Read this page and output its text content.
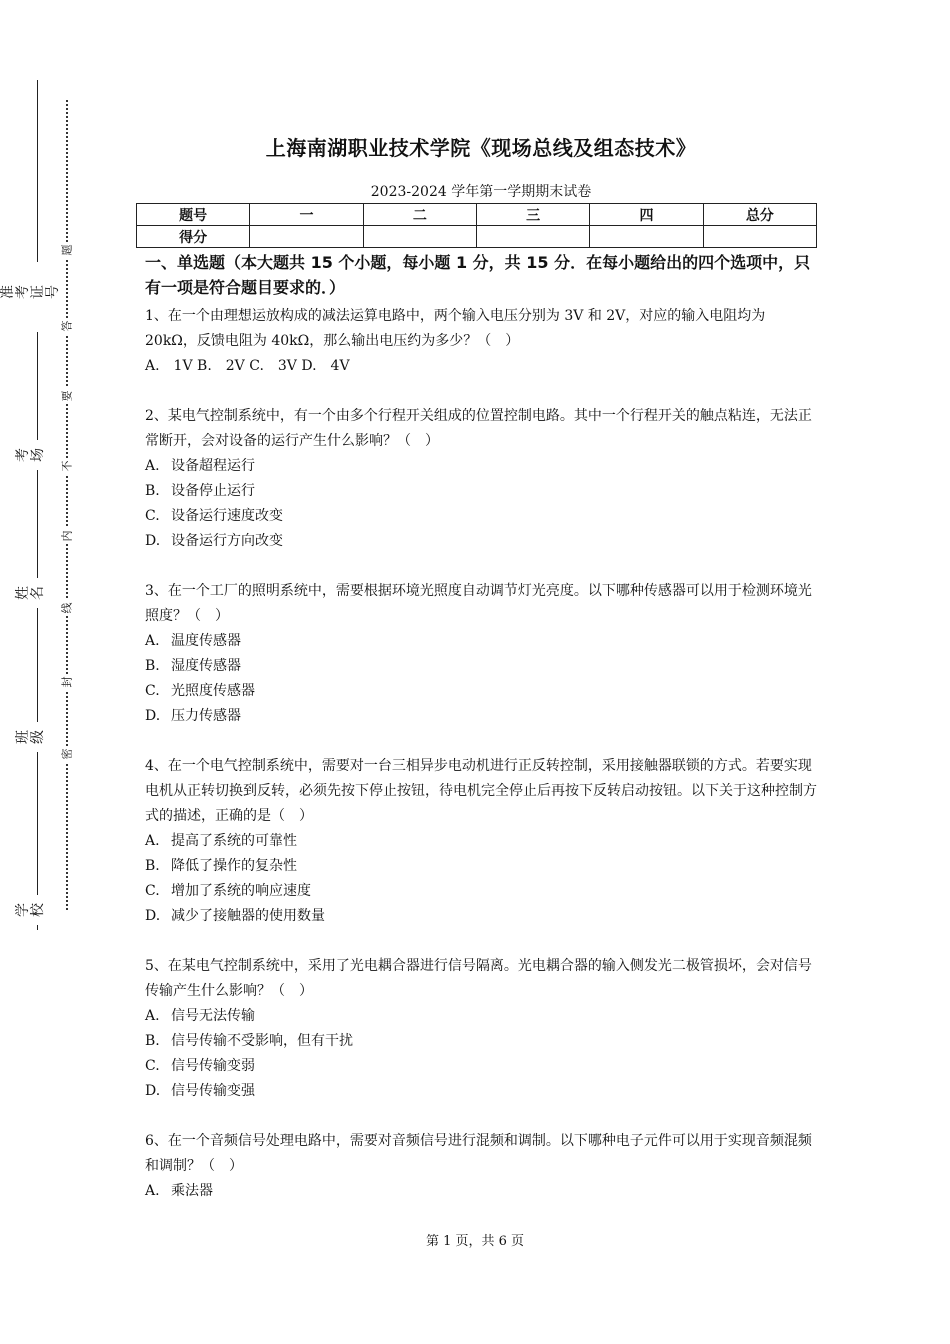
准考证号
考场
姓名
班级
学校
题
答
要
不
内
线
封
密
上海南湖职业技术学院《现场总线及组态技术》
2023-2024 学年第一学期期末试卷
题号	一	二	三	四	总分
得分					
一、单选题（本大题共 15 个小题，每小题 1 分，共 15 分．在每小题给出的四个选项中，只有一项是符合题目要求的．）

1、在一个由理想运放构成的减法运算电路中，两个输入电压分别为 3V 和 2V，对应的输入电阻均为 20kΩ，反馈电阻为 40kΩ，那么输出电压约为多少？（　）

A.　1V B.　2V C.　3V D.　4V

2、某电气控制系统中，有一个由多个行程开关组成的位置控制电路。其中一个行程开关的触点粘连，无法正常断开，会对设备的运行产生什么影响？（　）

A. 设备超程运行
B. 设备停止运行
C. 设备运行速度改变
D. 设备运行方向改变

3、在一个工厂的照明系统中，需要根据环境光照度自动调节灯光亮度。以下哪种传感器可以用于检测环境光照度？（　）

A. 温度传感器
B. 湿度传感器
C. 光照度传感器
D. 压力传感器

4、在一个电气控制系统中，需要对一台三相异步电动机进行正反转控制，采用接触器联锁的方式。若要实现电机从正转切换到反转，必须先按下停止按钮，待电机完全停止后再按下反转启动按钮。以下关于这种控制方式的描述，正确的是（　）

A. 提高了系统的可靠性
B. 降低了操作的复杂性
C. 增加了系统的响应速度
D. 减少了接触器的使用数量

5、在某电气控制系统中，采用了光电耦合器进行信号隔离。光电耦合器的输入侧发光二极管损坏，会对信号传输产生什么影响？（　）

A. 信号无法传输
B. 信号传输不受影响，但有干扰
C. 信号传输变弱
D. 信号传输变强

6、在一个音频信号处理电路中，需要对音频信号进行混频和调制。以下哪种电子元件可以用于实现音频混频和调制？（　）

A. 乘法器
第 1 页，共 6 页
